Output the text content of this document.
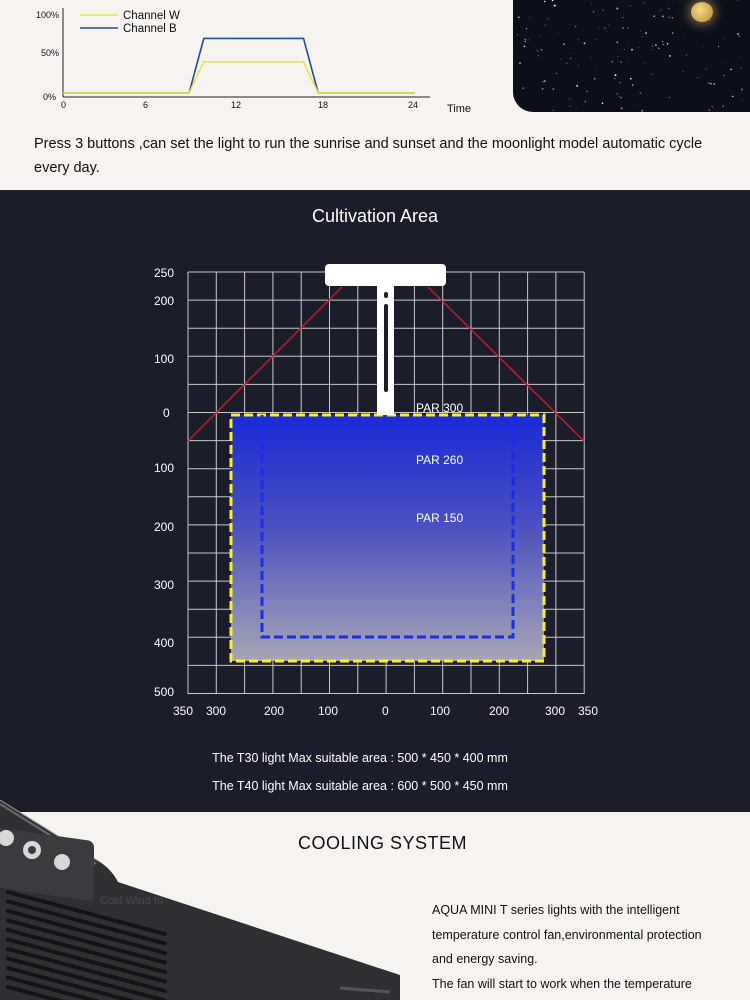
100%
50%
0%
0	6	12	18	24	Time
Channel W
Channel B
Press 3 buttons ,can set the light to run the sunrise and sunset and the moonlight model automatic cycle every day.
Cultivation Area
PAR 300
PAR 260
PAR 150
250
200
100
0
100
200
300
400
500
350 300	200	100	0	100	200	300 350
The T30 light Max suitable area : 500 * 450 * 400 mm
The T40 light Max suitable area : 600 * 500 * 450 mm
Cold Wind In
COOLING SYSTEM
AQUA MINI T series lights with the intelligent
temperature control fan,environmental protection
and energy saving.
The fan will start to work when the temperature
